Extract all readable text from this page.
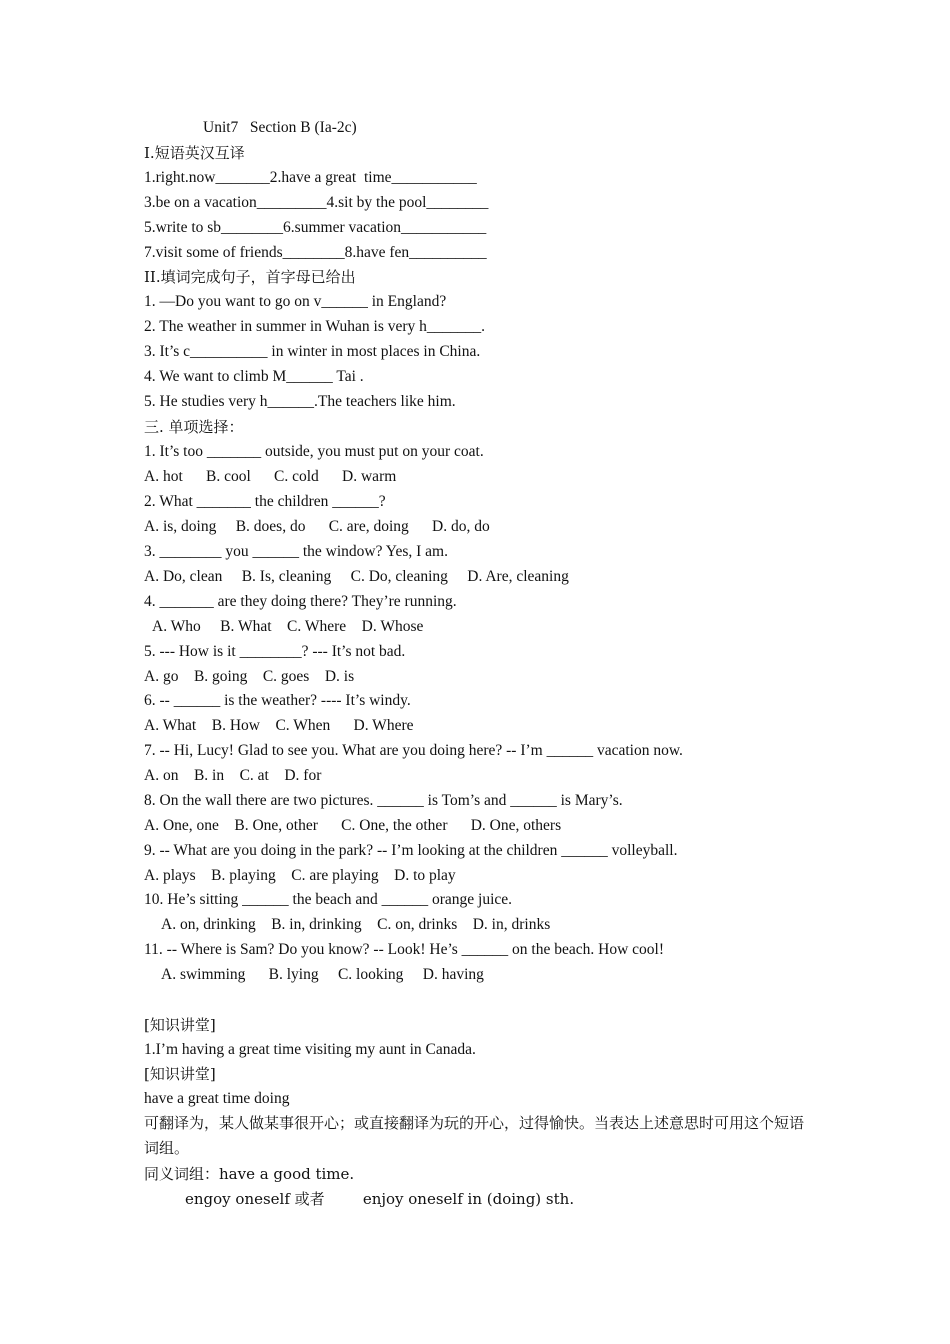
Unit7   Section B (Ia-2c)
I.短语英汉互译
1.right.now_______2.have a great  time___________
3.be on a vacation_________4.sit by the pool________
5.write to sb________6.summer vacation___________
7.visit some of friends________8.have fen__________
II.填词完成句子，首字母已给出
1. —Do you want to go on v______ in England?
2. The weather in summer in Wuhan is very h_______.
3. It’s c__________ in winter in most places in China.
4. We want to climb M______ Tai .
5. He studies very h______.The teachers like him.
三. 单项选择：
1. It’s too _______ outside, you must put on your coat.
A. hot      B. cool      C. cold      D. warm
2. What _______ the children ______?
A. is, doing     B. does, do      C. are, doing      D. do, do
3. ________ you ______ the window? Yes, I am.
A. Do, clean     B. Is, cleaning     C. Do, cleaning     D. Are, cleaning
4. _______ are they doing there? They’re running.
A. Who     B. What    C. Where    D. Whose
5. --- How is it ________? --- It’s not bad.
A. go    B. going    C. goes    D. is
6. -- ______ is the weather? ---- It’s windy.
A. What    B. How    C. When      D. Where
7. -- Hi, Lucy! Glad to see you. What are you doing here? -- I’m ______ vacation now.
A. on    B. in    C. at    D. for
8. On the wall there are two pictures. ______ is Tom’s and ______ is Mary’s.
A. One, one    B. One, other      C. One, the other      D. One, others
9. -- What are you doing in the park? -- I’m looking at the children ______ volleyball.
A. plays    B. playing    C. are playing    D. to play
10. He’s sitting ______ the beach and ______ orange juice.
A. on, drinking    B. in, drinking    C. on, drinks    D. in, drinks
11. -- Where is Sam? Do you know? -- Look! He’s ______ on the beach. How cool!
A. swimming      B. lying     C. looking     D. having
[知识讲堂]
1.I’m having a great time visiting my aunt in Canada.
[知识讲堂]
have a great time doing
可翻译为，某人做某事很开心；或直接翻译为玩的开心，过得愉快。当表达上述意思时可用这个短语词组。
同义词组：have a good time.
engoy oneself 或者        enjoy oneself in (doing) sth.
